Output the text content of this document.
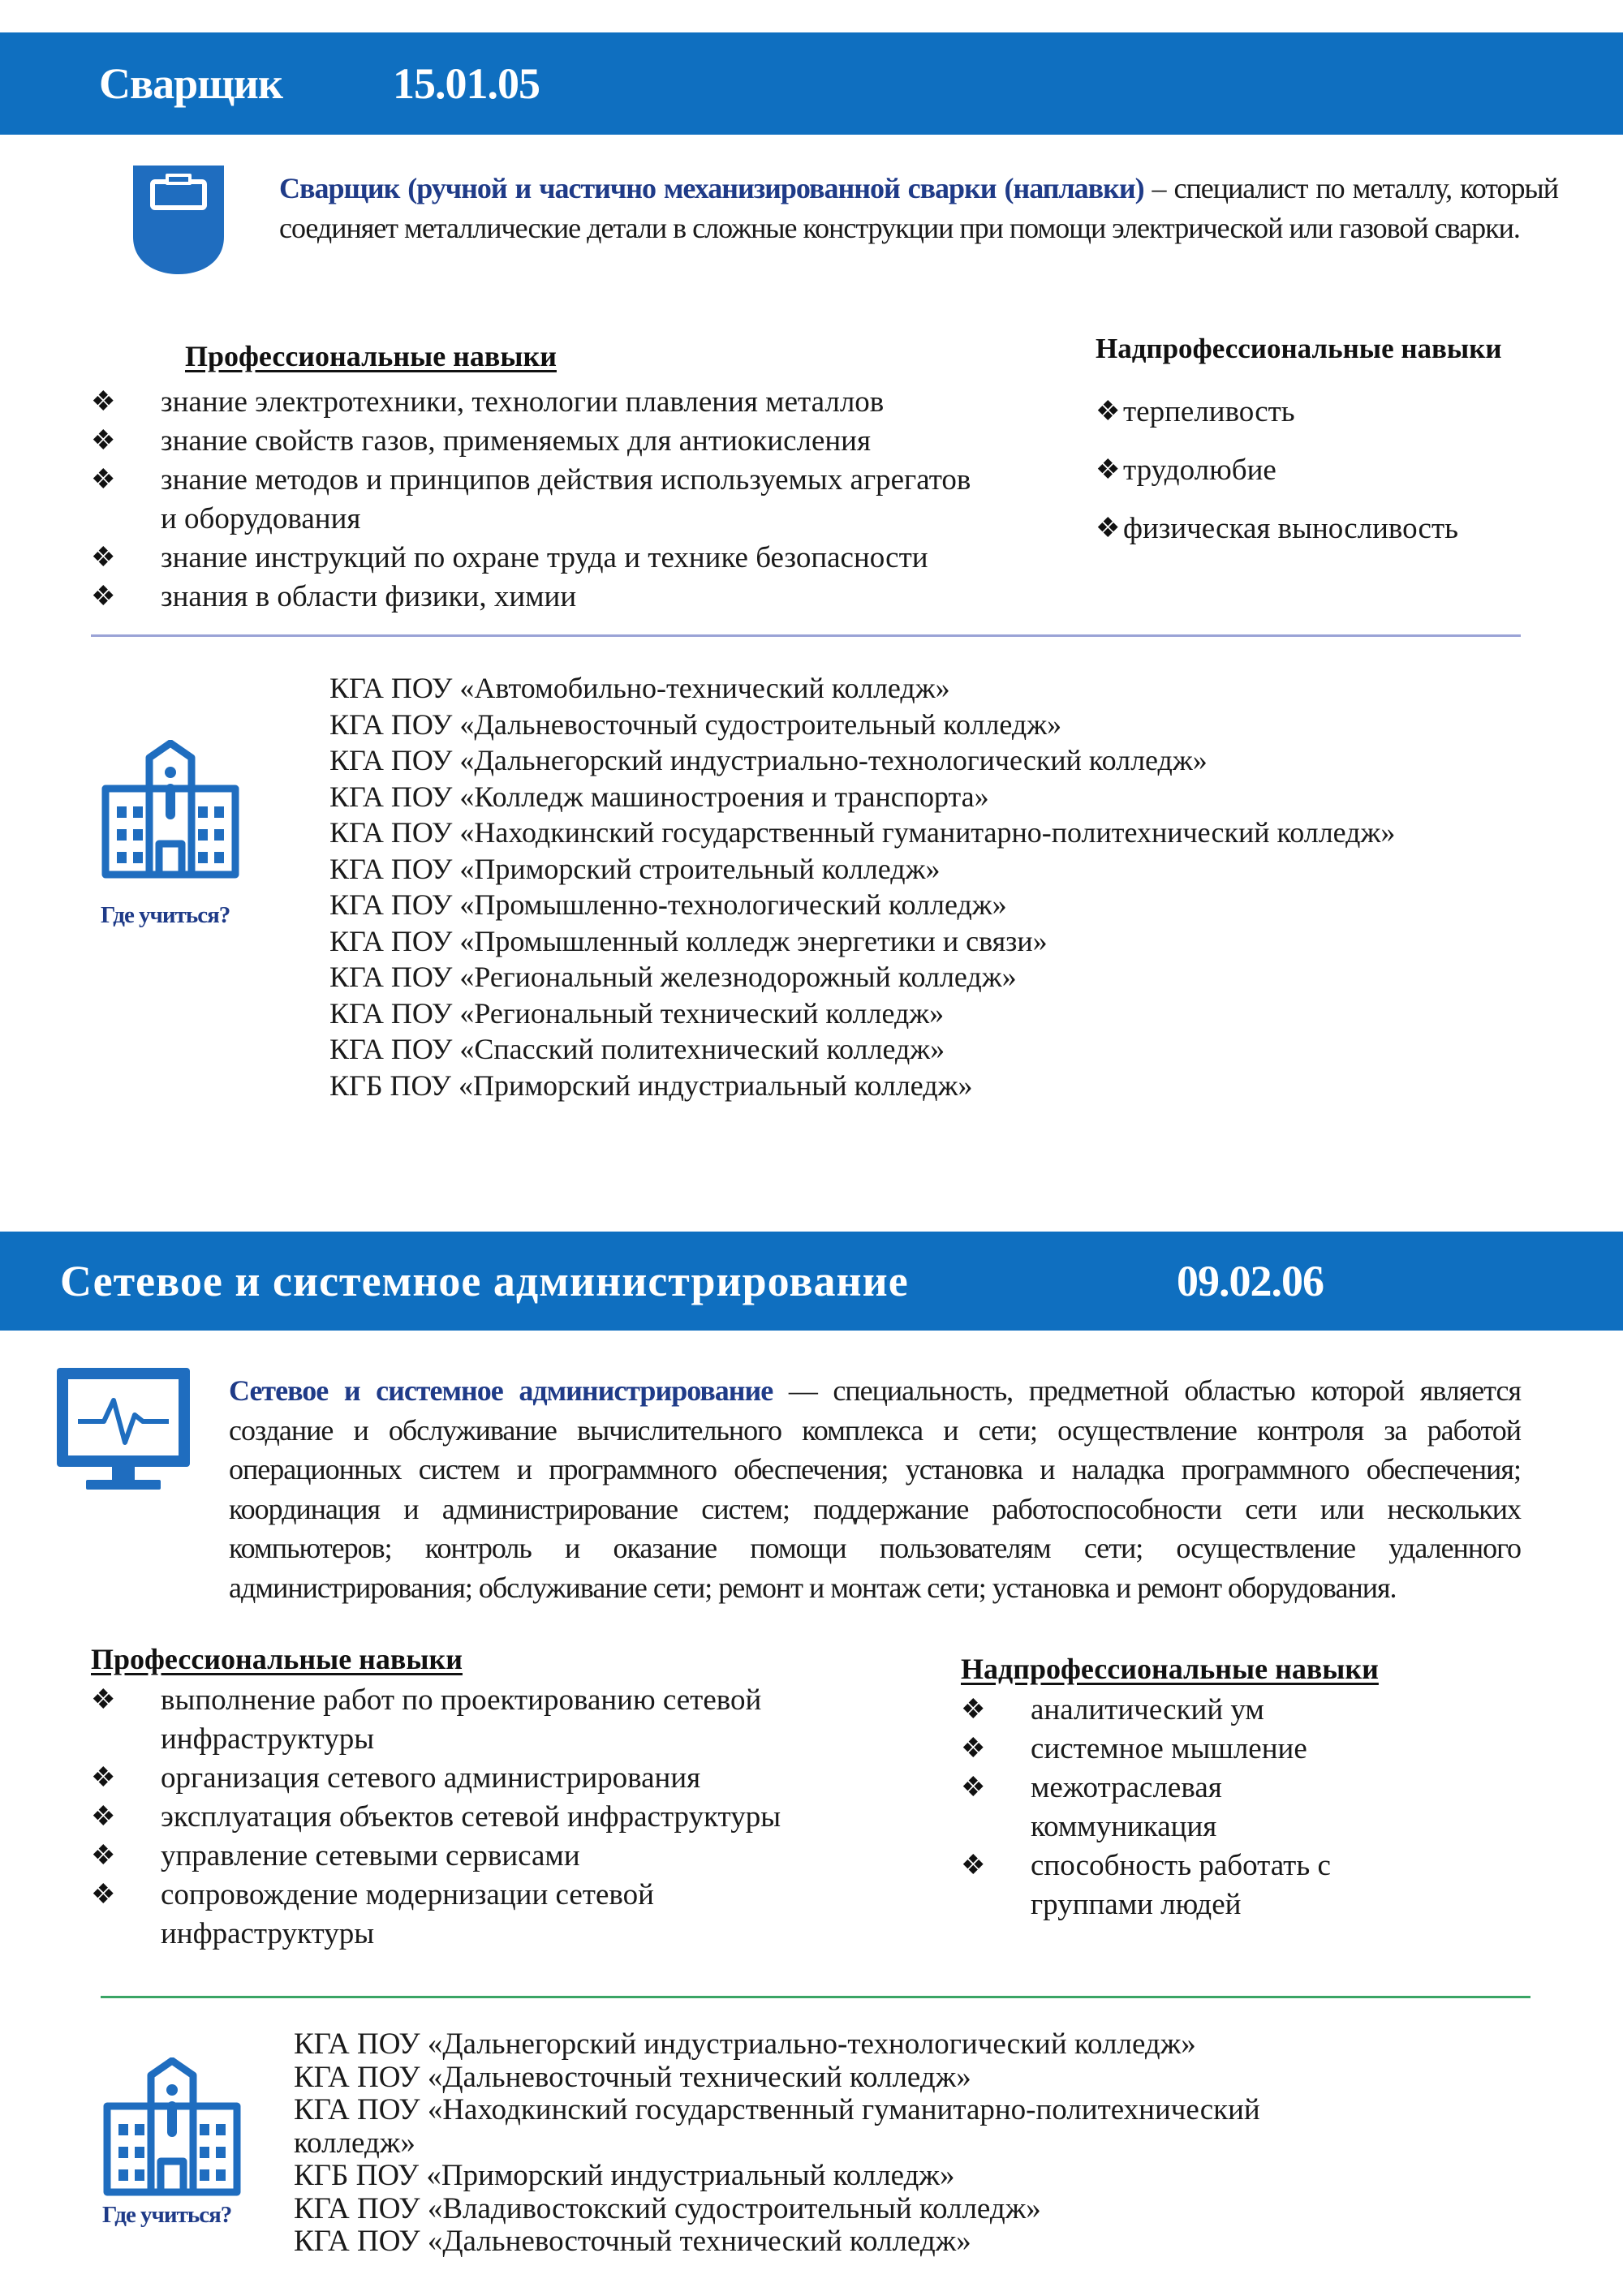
Сварщик	15.01.05
Сварщик (ручной и частично механизированной сварки (наплавки) – специалист по металлу, который соединяет металлические детали в сложные конструкции при помощи электрической или газовой сварки.
Профессиональные навыки
❖ знание электротехники, технологии плавления металлов
❖ знание свойств газов, применяемых для антиокисления
❖ знание методов и принципов действия используемых агрегатов и оборудования
❖ знание инструкций по охране труда и технике безопасности
❖ знания в области физики, химии
Надпрофессиональные навыки
❖ терпеливость
❖ трудолюбие
❖ физическая выносливость
Где учиться?
КГА ПОУ «Автомобильно-технический колледж»
КГА ПОУ «Дальневосточный судостроительный колледж»
КГА ПОУ «Дальнегорский индустриально-технологический колледж»
КГА ПОУ «Колледж машиностроения и транспорта»
КГА ПОУ «Находкинский государственный гуманитарно-политехнический колледж»
КГА ПОУ «Приморский строительный колледж»
КГА ПОУ «Промышленно-технологический колледж»
КГА ПОУ «Промышленный колледж энергетики и связи»
КГА ПОУ «Региональный железнодорожный колледж»
КГА ПОУ «Региональный технический колледж»
КГА ПОУ «Спасский политехнический колледж»
КГБ ПОУ «Приморский индустриальный колледж»
Сетевое и системное администрирование	09.02.06
Сетевое и системное администрирование — специальность, предметной областью которой является создание и обслуживание вычислительного комплекса и сети; осуществление контроля за работой операционных систем и программного обеспечения; установка и наладка программного обеспечения; координация и администрирование систем; поддержание работоспособности сети или нескольких компьютеров; контроль и оказание помощи пользователям сети; осуществление удаленного администрирования; обслуживание сети; ремонт и монтаж сети; установка и ремонт оборудования.
Профессиональные навыки
❖ выполнение работ по проектированию сетевой инфраструктуры
❖ организация сетевого администрирования
❖ эксплуатация объектов сетевой инфраструктуры
❖ управление сетевыми сервисами
❖ сопровождение модернизации сетевой инфраструктуры
Надпрофессиональные навыки
❖ аналитический ум
❖ системное мышление
❖ межотраслевая коммуникация
❖ способность работать с группами людей
Где учиться?
КГА ПОУ «Дальнегорский индустриально-технологический колледж»
КГА ПОУ «Дальневосточный технический колледж»
КГА ПОУ «Находкинский государственный гуманитарно-политехнический колледж»
КГБ ПОУ «Приморский индустриальный колледж»
КГА ПОУ «Владивостокский судостроительный колледж»
КГА ПОУ «Дальневосточный технический колледж»
